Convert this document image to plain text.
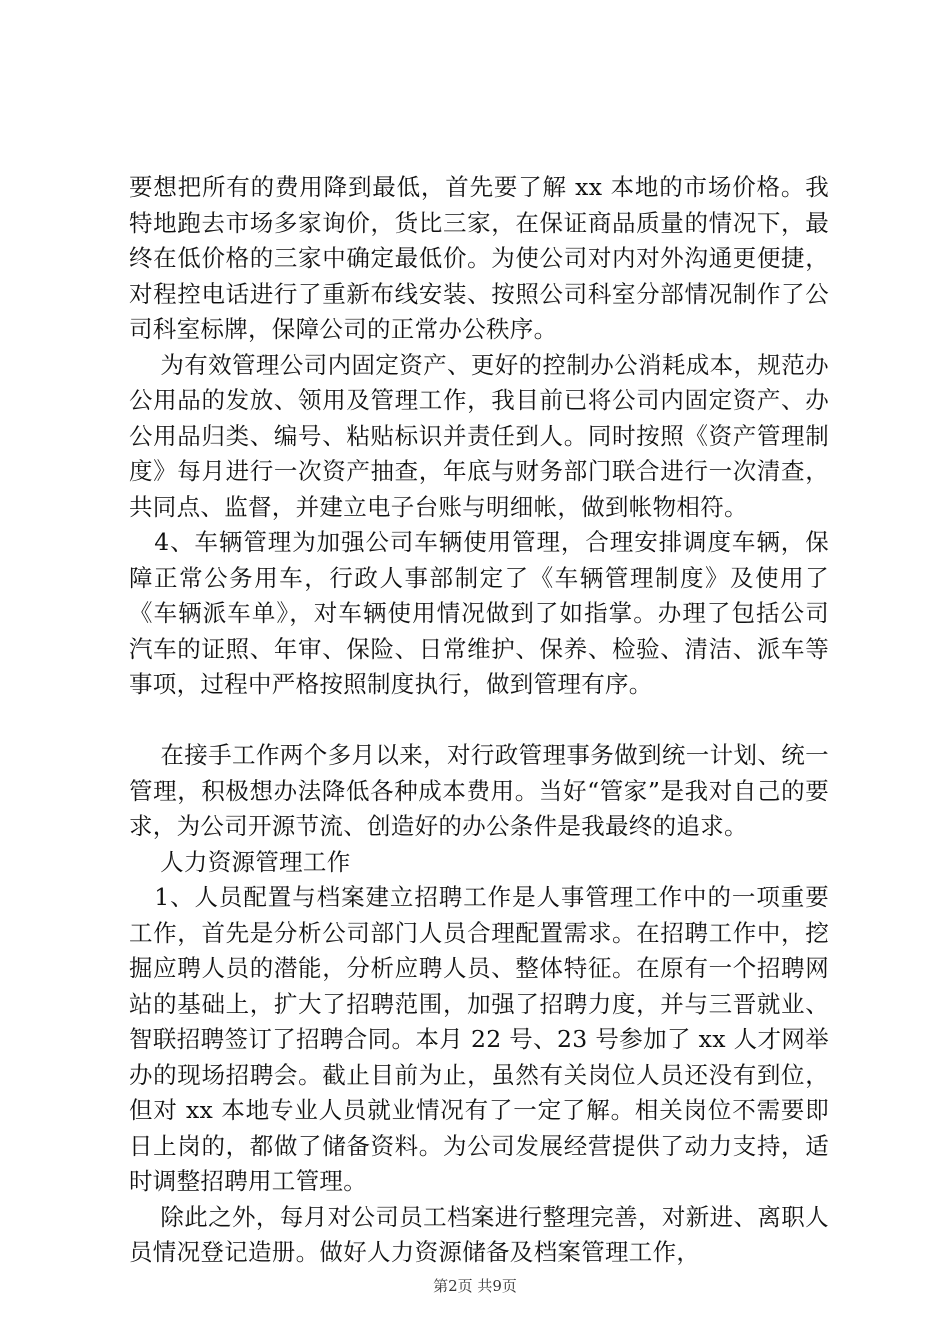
要想把所有的费用降到最低，首先要了解 xx 本地的市场价格。我特地跑去市场多家询价，货比三家，在保证商品质量的情况下，最终在低价格的三家中确定最低价。为使公司对内对外沟通更便捷，对程控电话进行了重新布线安装、按照公司科室分部情况制作了公司科室标牌，保障公司的正常办公秩序。

为有效管理公司内固定资产、更好的控制办公消耗成本，规范办公用品的发放、领用及管理工作，我目前已将公司内固定资产、办公用品归类、编号、粘贴标识并责任到人。同时按照《资产管理制度》每月进行一次资产抽查，年底与财务部门联合进行一次清查，共同点、监督，并建立电子台账与明细帐，做到帐物相符。

4、车辆管理为加强公司车辆使用管理，合理安排调度车辆，保障正常公务用车，行政人事部制定了《车辆管理制度》及使用了《车辆派车单》，对车辆使用情况做到了如指掌。办理了包括公司汽车的证照、年审、保险、日常维护、保养、检验、清洁、派车等事项，过程中严格按照制度执行，做到管理有序。

在接手工作两个多月以来，对行政管理事务做到统一计划、统一管理，积极想办法降低各种成本费用。当好“管家”是我对自己的要求，为公司开源节流、创造好的办公条件是我最终的追求。

人力资源管理工作

1、人员配置与档案建立招聘工作是人事管理工作中的一项重要工作，首先是分析公司部门人员合理配置需求。在招聘工作中，挖掘应聘人员的潜能，分析应聘人员、整体特征。在原有一个招聘网站的基础上，扩大了招聘范围，加强了招聘力度，并与三晋就业、智联招聘签订了招聘合同。本月 22 号、23 号参加了 xx 人才网举办的现场招聘会。截止目前为止，虽然有关岗位人员还没有到位，但对 xx 本地专业人员就业情况有了一定了解。相关岗位不需要即日上岗的，都做了储备资料。为公司发展经营提供了动力支持，适时调整招聘用工管理。

除此之外，每月对公司员工档案进行整理完善，对新进、离职人员情况登记造册。做好人力资源储备及档案管理工作，

第2页 共9页
